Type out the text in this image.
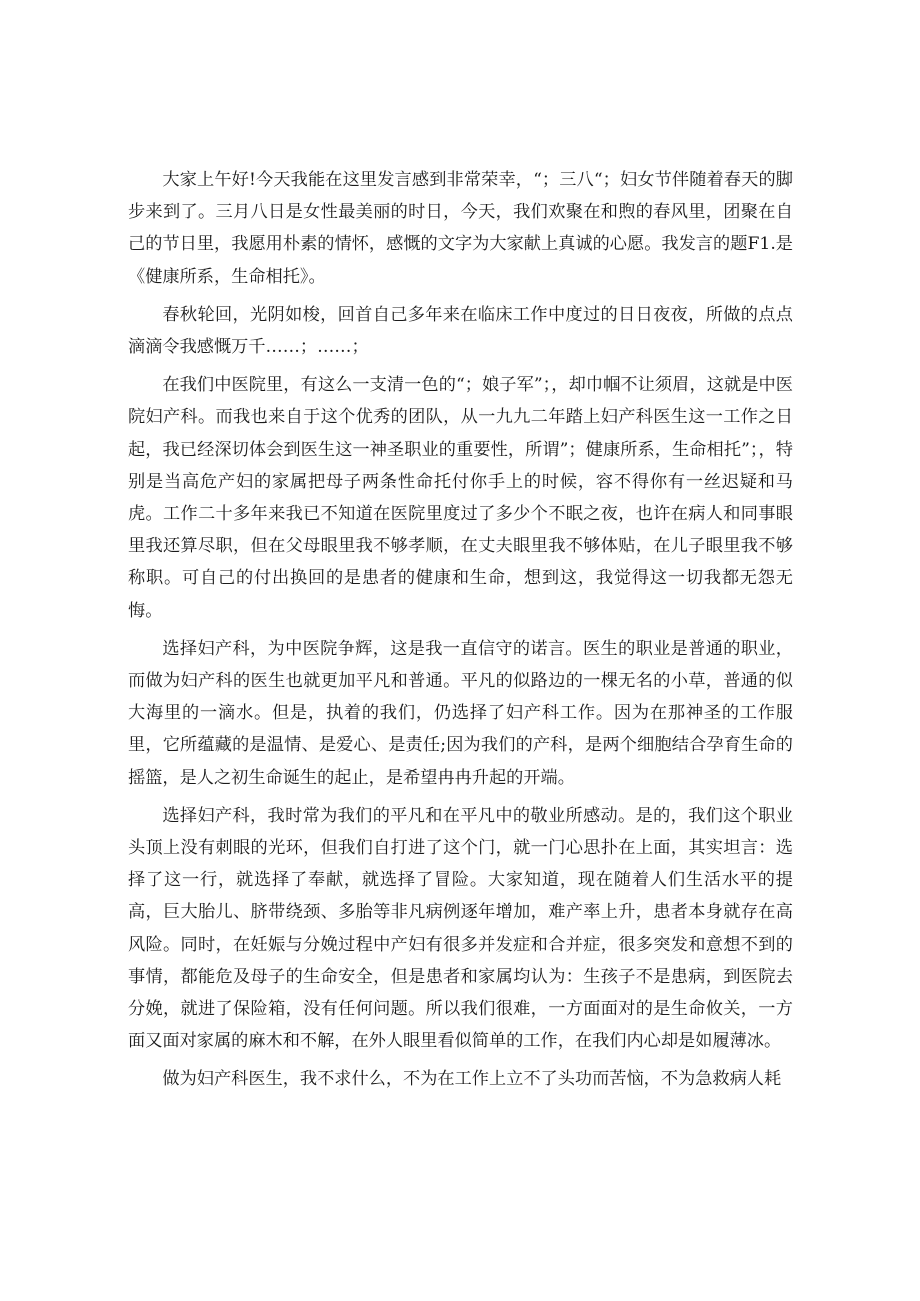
大家上午好!今天我能在这里发言感到非常荣幸，“；三八“；妇女节伴随着春天的脚步来到了。三月八日是女性最美丽的时日，今天，我们欢聚在和煦的春风里，团聚在自己的节日里，我愿用朴素的情怀，感慨的文字为大家献上真诚的心愿。我发言的题F1.是《健康所系，生命相托》。

春秋轮回，光阴如梭，回首自己多年来在临床工作中度过的日日夜夜，所做的点点滴滴令我感慨万千……；……；

在我们中医院里，有这么一支清一色的“；娘子军”；，却巾帼不让须眉，这就是中医院妇产科。而我也来自于这个优秀的团队，从一九九二年踏上妇产科医生这一工作之日起，我已经深切体会到医生这一神圣职业的重要性，所谓”；健康所系，生命相托”；，特别是当高危产妇的家属把母子两条性命托付你手上的时候，容不得你有一丝迟疑和马虎。工作二十多年来我已不知道在医院里度过了多少个不眠之夜，也许在病人和同事眼里我还算尽职，但在父母眼里我不够孝顺，在丈夫眼里我不够体贴，在儿子眼里我不够称职。可自己的付出换回的是患者的健康和生命，想到这，我觉得这一切我都无怨无悔。

选择妇产科，为中医院争辉，这是我一直信守的诺言。医生的职业是普通的职业，而做为妇产科的医生也就更加平凡和普通。平凡的似路边的一棵无名的小草，普通的似大海里的一滴水。但是，执着的我们，仍选择了妇产科工作。因为在那神圣的工作服里，它所蕴藏的是温情、是爱心、是责任;因为我们的产科，是两个细胞结合孕育生命的摇篮，是人之初生命诞生的起止，是希望冉冉升起的开端。

选择妇产科，我时常为我们的平凡和在平凡中的敬业所感动。是的，我们这个职业头顶上没有刺眼的光环，但我们自打进了这个门，就一门心思扑在上面，其实坦言：选择了这一行，就选择了奉献，就选择了冒险。大家知道，现在随着人们生活水平的提高，巨大胎儿、脐带绕颈、多胎等非凡病例逐年增加，难产率上升，患者本身就存在高风险。同时，在妊娠与分娩过程中产妇有很多并发症和合并症，很多突发和意想不到的事情，都能危及母子的生命安全，但是患者和家属均认为：生孩子不是患病，到医院去分娩，就进了保险箱，没有任何问题。所以我们很难，一方面面对的是生命攸关，一方面又面对家属的麻木和不解，在外人眼里看似简单的工作，在我们内心却是如履薄冰。

做为妇产科医生，我不求什么，不为在工作上立不了头功而苦恼，不为急救病人耗
